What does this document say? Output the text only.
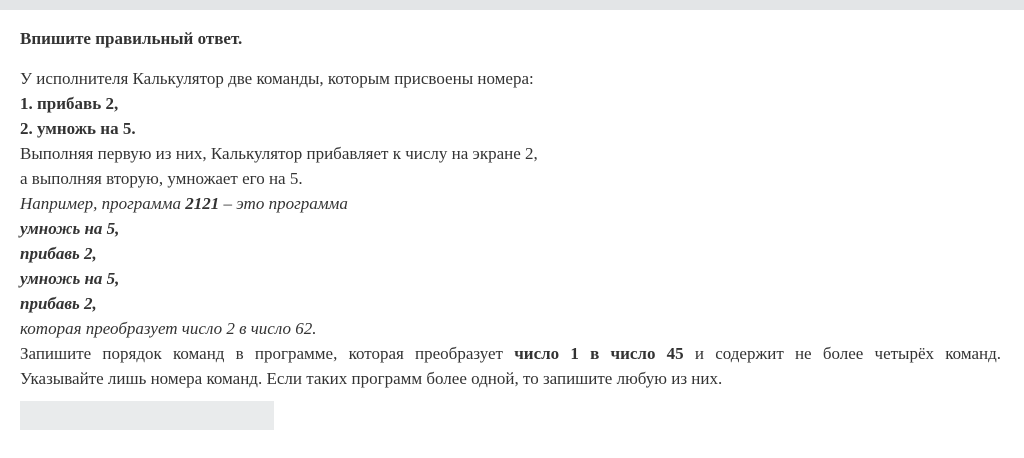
Впишите правильный ответ.

У исполнителя Калькулятор две команды, которым присвоены номера:

1. прибавь 2,

2. умножь на 5.

Выполняя первую из них, Калькулятор прибавляет к числу на экране 2,

а выполняя вторую, умножает его на 5.

Например, программа 2121 – это программа

умножь на 5,

прибавь 2,

умножь на 5,

прибавь 2,

которая преобразует число 2 в число 62.

Запишите порядок команд в программе, которая преобразует число 1 в число 45 и содержит не более четырёх команд.

Указывайте лишь номера команд. Если таких программ более одной, то запишите любую из них.
